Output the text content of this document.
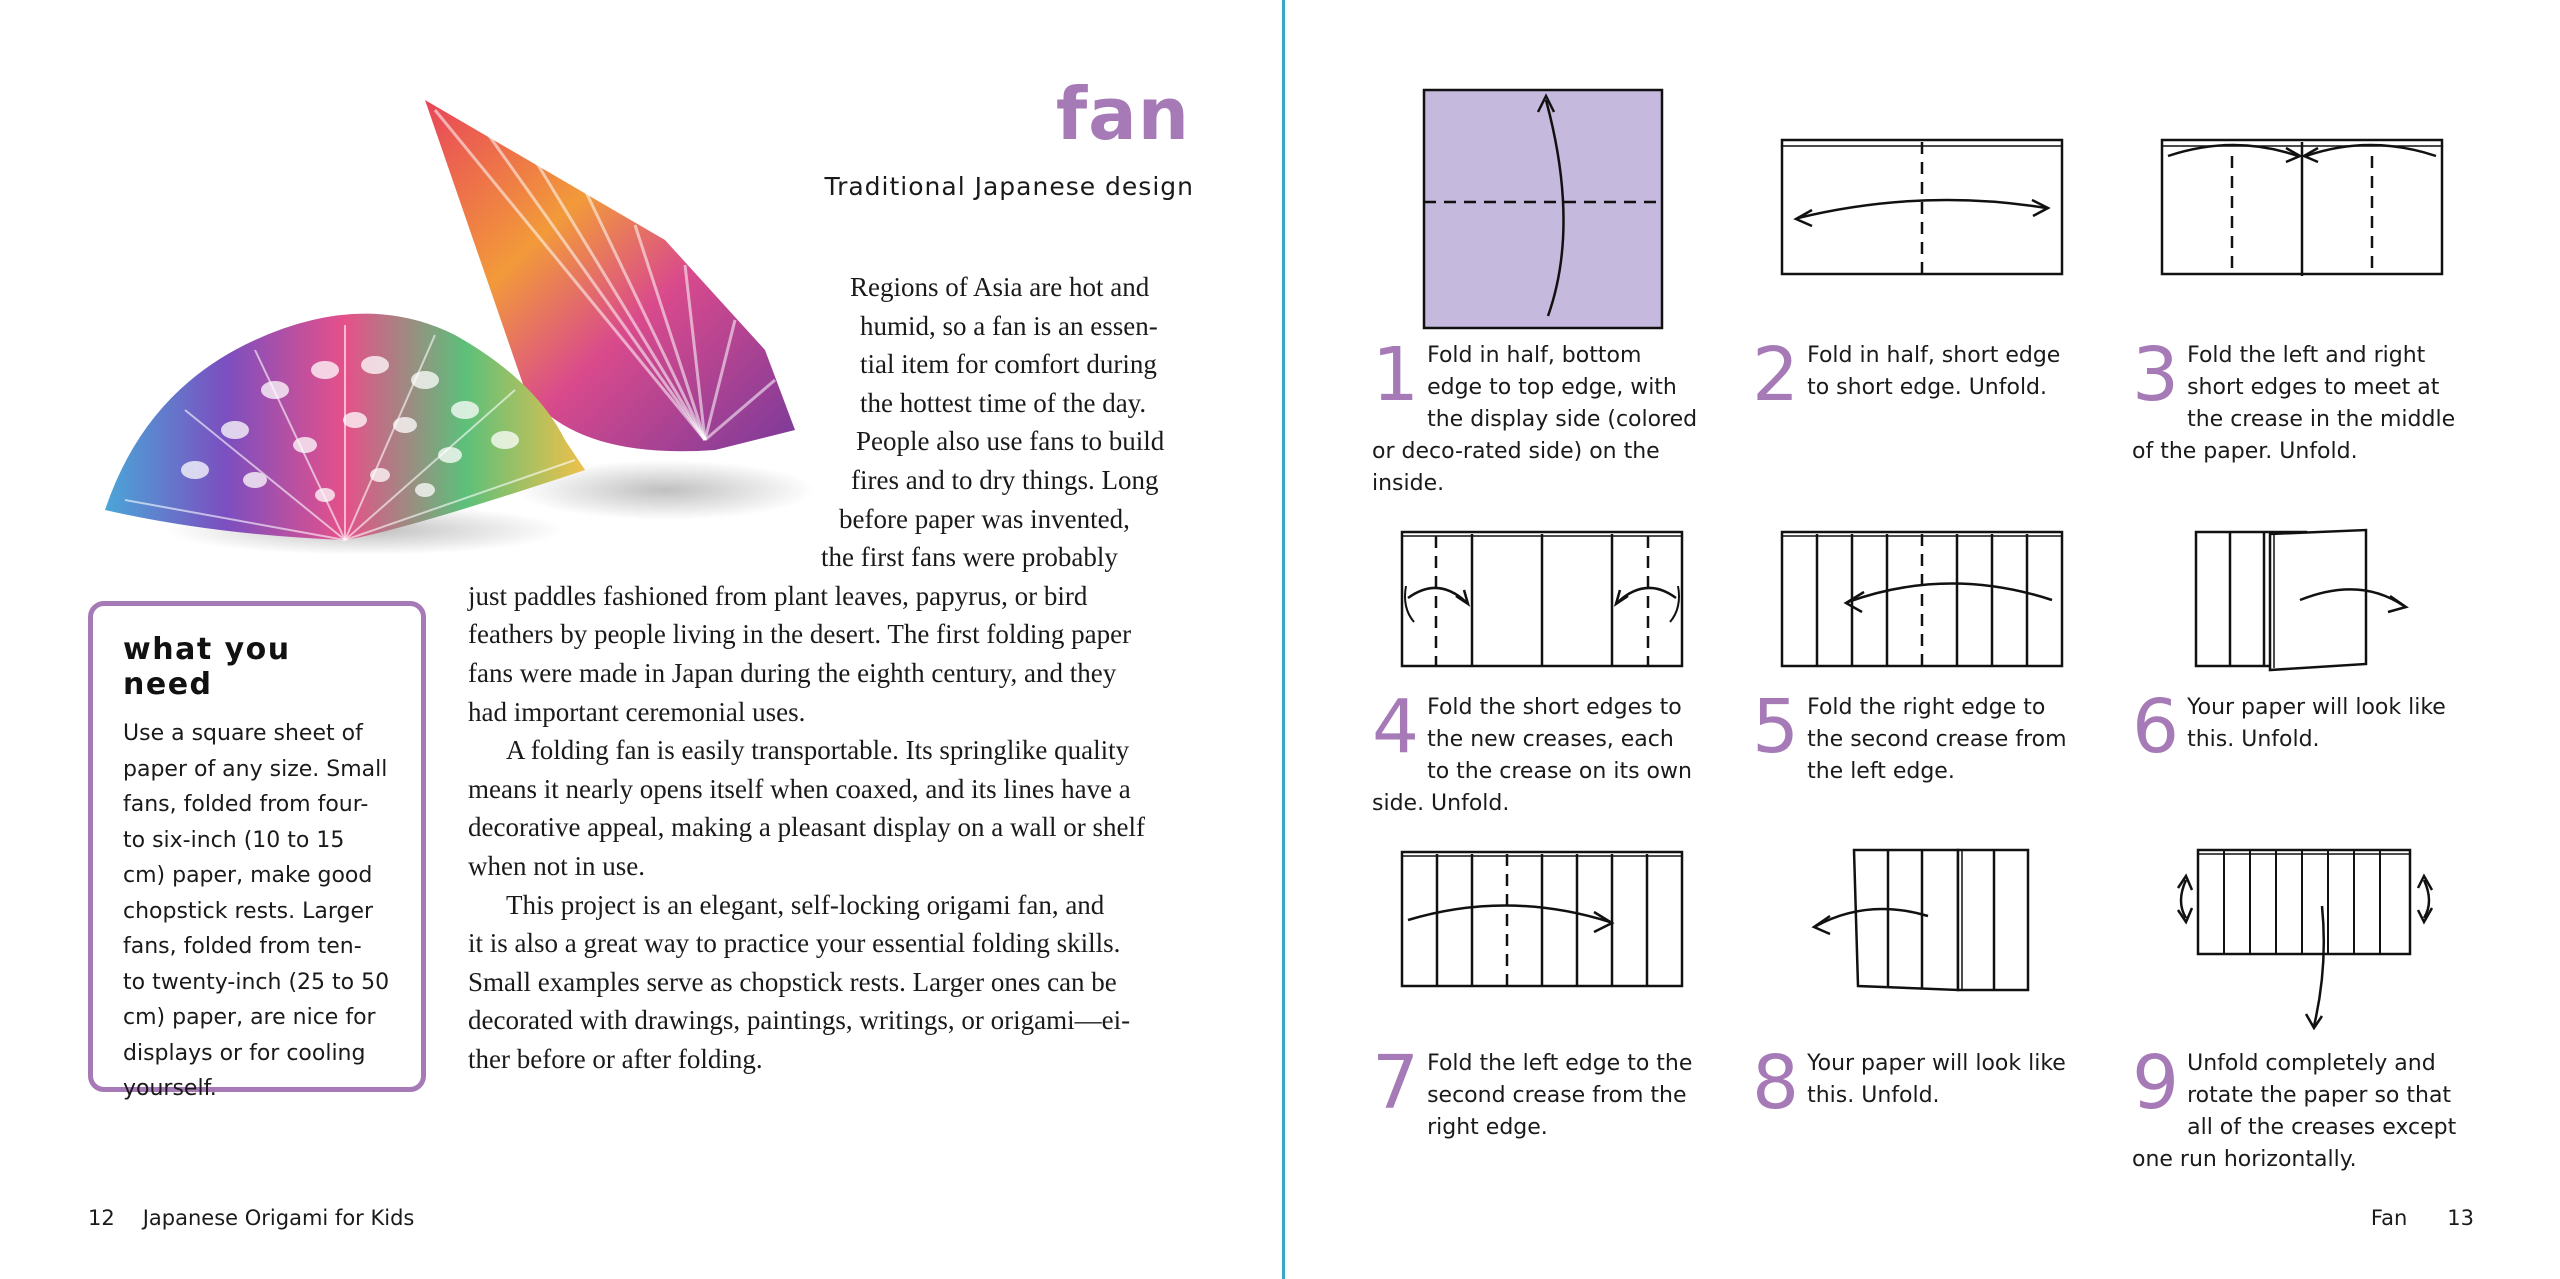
fan
Traditional Japanese design
Regions of Asia are hot and
humid, so a fan is an essen-
tial item for comfort during
the hottest time of the day.
People also use fans to build
fires and to dry things. Long
before paper was invented,
the first fans were probably
just paddles fashioned from plant leaves, papyrus, or bird
feathers by people living in the desert. The first folding paper
fans were made in Japan during the eighth century, and they
had important ceremonial uses.
A folding fan is easily transportable. Its springlike quality
means it nearly opens itself when coaxed, and its lines have a
decorative appeal, making a pleasant display on a wall or shelf
when not in use.
This project is an elegant, self-locking origami fan, and
it is also a great way to practice your essential folding skills.
Small examples serve as chopstick rests. Larger ones can be
decorated with drawings, paintings, writings, or origami—ei-
ther before or after folding.
what you need
Use a square sheet of
paper of any size. Small
fans, folded from four-
to six-inch (10 to 15
cm) paper, make good
chopstick rests. Larger
fans, folded from ten-
to twenty-inch (25 to 50
cm) paper, are nice for
displays or for cooling
yourself.
12 Japanese Origami for Kids
1 Fold in half, bottom edge to top edge, with the display side (colored or deco-rated side) on the inside.
2 Fold in half, short edge to short edge. Unfold.	3 Fold the left and right short edges to meet at the crease in the middle of the paper. Unfold.
4 Fold the short edges to the new creases, each to the crease on its own side. Unfold.
5 Fold the right edge to the second crease from the left edge.
6 Your paper will look like this. Unfold.
7 Fold the left edge to the second crease from the right edge.
8 Your paper will look like this. Unfold.	9 Unfold completely and rotate the paper so that all of the creases except one run horizontally.
Fan 13
